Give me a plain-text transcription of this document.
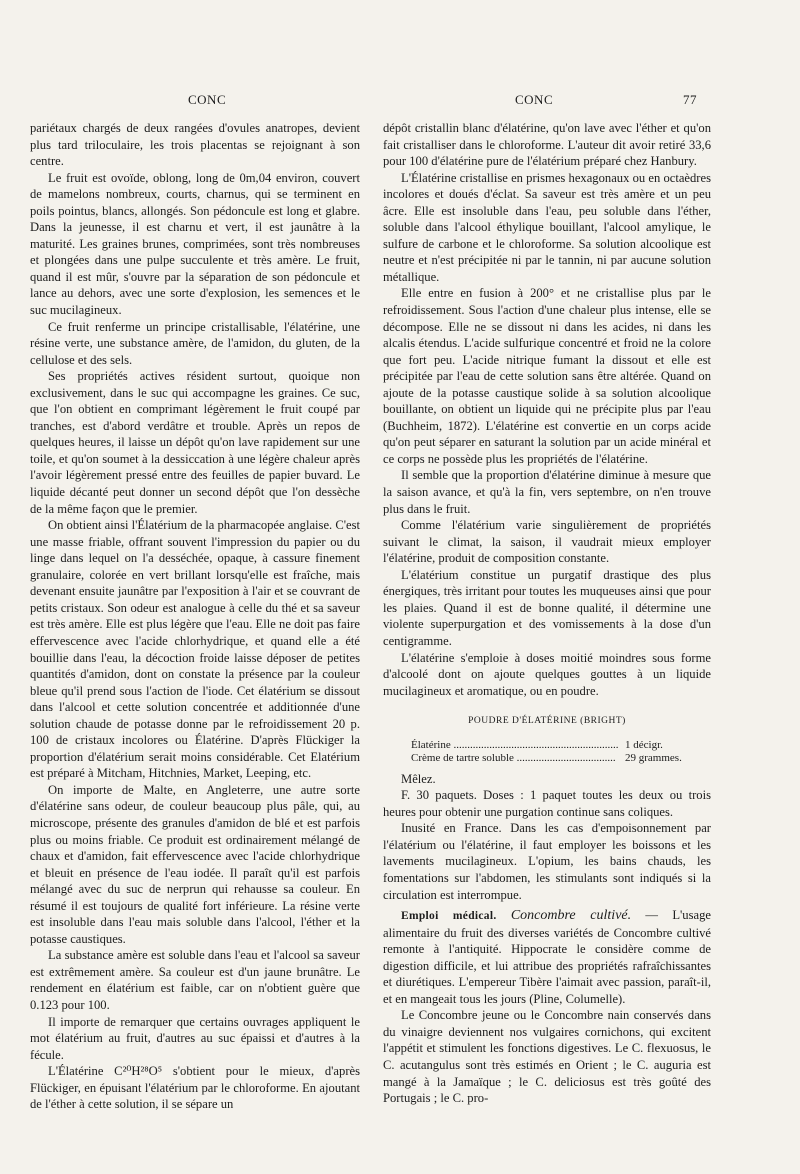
CONC	CONC	77

pariétaux chargés de deux rangées d'ovules anatropes, devient plus tard triloculaire, les trois placentas se rejoignant à son centre.

Le fruit est ovoïde, oblong, long de 0m,04 environ, couvert de mamelons nombreux, courts, charnus, qui se terminent en poils pointus, blancs, allongés. Son pédoncule est long et glabre. Dans la jeunesse, il est charnu et vert, il est jaunâtre à la maturité. Les graines brunes, comprimées, sont très nombreuses et plongées dans une pulpe succulente et très amère. Le fruit, quand il est mûr, s'ouvre par la séparation de son pédoncule et lance au dehors, avec une sorte d'explosion, les semences et le suc mucilagineux.

Ce fruit renferme un principe cristallisable, l'élatérine, une résine verte, une substance amère, de l'amidon, du gluten, de la cellulose et des sels.

Ses propriétés actives résident surtout, quoique non exclusivement, dans le suc qui accompagne les graines. Ce suc, que l'on obtient en comprimant légèrement le fruit coupé par tranches, est d'abord verdâtre et trouble. Après un repos de quelques heures, il laisse un dépôt qu'on lave rapidement sur une toile, et qu'on soumet à la dessiccation à une légère chaleur après l'avoir légèrement pressé entre des feuilles de papier buvard. Le liquide décanté peut donner un second dépôt que l'on dessèche de la même façon que le premier.

On obtient ainsi l'Élatérium de la pharmacopée anglaise. C'est une masse friable, offrant souvent l'impression du papier ou du linge dans lequel on l'a desséchée, opaque, à cassure finement granulaire, colorée en vert brillant lorsqu'elle est fraîche, mais devenant ensuite jaunâtre par l'exposition à l'air et se couvrant de petits cristaux. Son odeur est analogue à celle du thé et sa saveur est très amère. Elle est plus légère que l'eau. Elle ne doit pas faire effervescence avec l'acide chlorhydrique, et quand elle a été bouillie dans l'eau, la décoction froide laisse déposer de petites quantités d'amidon, dont on constate la présence par la couleur bleue qu'il prend sous l'action de l'iode. Cet élatérium se dissout dans l'alcool et cette solution concentrée et additionnée d'une solution chaude de potasse donne par le refroidissement 20 p. 100 de cristaux incolores ou Élatérine. D'après Flückiger la proportion d'élatérium serait moins considérable. Cet Elatérium est préparé à Mitcham, Hitchnies, Market, Leeping, etc.

On importe de Malte, en Angleterre, une autre sorte d'élatérine sans odeur, de couleur beaucoup plus pâle, qui, au microscope, présente des granules d'amidon de blé et est parfois plus ou moins friable. Ce produit est ordinairement mélangé de chaux et d'amidon, fait effervescence avec l'acide chlorhydrique et bleuit en présence de l'eau iodée. Il paraît qu'il est parfois mélangé avec du suc de nerprun qui rehausse sa couleur. En résumé il est toujours de qualité fort inférieure. La résine verte est insoluble dans l'eau mais soluble dans l'alcool, l'éther et la potasse caustiques.

La substance amère est soluble dans l'eau et l'alcool sa saveur est extrêmement amère. Sa couleur est d'un jaune brunâtre. Le rendement en élatérium est faible, car on n'obtient guère que 0.123 pour 100.

Il importe de remarquer que certains ouvrages appliquent le mot élatérium au fruit, d'autres au suc épaissi et d'autres à la fécule.

L'Élatérine C²⁰H²⁸O⁵ s'obtient pour le mieux, d'après Flückiger, en épuisant l'élatérium par le chloroforme. En ajoutant de l'éther à cette solution, il se sépare un

dépôt cristallin blanc d'élatérine, qu'on lave avec l'éther et qu'on fait cristalliser dans le chloroforme. L'auteur dit avoir retiré 33,6 pour 100 d'élatérine pure de l'élatérium préparé chez Hanbury.

L'Élatérine cristallise en prismes hexagonaux ou en octaèdres incolores et doués d'éclat. Sa saveur est très amère et un peu âcre. Elle est insoluble dans l'eau, peu soluble dans l'éther, soluble dans l'alcool éthylique bouillant, l'alcool amylique, le sulfure de carbone et le chloroforme. Sa solution alcoolique est neutre et n'est précipitée ni par le tannin, ni par aucune solution métallique.

Elle entre en fusion à 200° et ne cristallise plus par le refroidissement. Sous l'action d'une chaleur plus intense, elle se décompose. Elle ne se dissout ni dans les acides, ni dans les alcalis étendus. L'acide sulfurique concentré et froid ne la colore que fort peu. L'acide nitrique fumant la dissout et elle est précipitée par l'eau de cette solution sans être altérée. Quand on ajoute de la potasse caustique solide à sa solution alcoolique bouillante, on obtient un liquide qui ne précipite plus par l'eau (Buchheim, 1872). L'élatérine est convertie en un corps acide qu'on peut séparer en saturant la solution par un acide minéral et ce corps ne possède plus les propriétés de l'élatérine.

Il semble que la proportion d'élatérine diminue à mesure que la saison avance, et qu'à la fin, vers septembre, on n'en trouve plus dans le fruit.

Comme l'élatérium varie singulièrement de propriétés suivant le climat, la saison, il vaudrait mieux employer l'élatérine, produit de composition constante.

L'élatérium constitue un purgatif drastique des plus énergiques, très irritant pour toutes les muqueuses ainsi que pour les plaies. Quand il est de bonne qualité, il détermine une violente superpurgation et des vomissements à la dose d'un centigramme.

L'élatérine s'emploie à doses moitié moindres sous forme d'alcoolé dont on ajoute quelques gouttes à un liquide mucilagineux et aromatique, ou en poudre.

POUDRE D'ÉLATÉRINE (BRIGHT)
Élatérine ............................................................ 1 décigr.
Crème de tartre soluble .................................... 29 grammes.

Mêlez.

F. 30 paquets. Doses : 1 paquet toutes les deux ou trois heures pour obtenir une purgation continue sans coliques.

Inusité en France. Dans les cas d'empoisonnement par l'élatérium ou l'élatérine, il faut employer les boissons et les lavements mucilagineux. L'opium, les bains chauds, les fomentations sur l'abdomen, les stimulants sont indiqués si la circulation est interrompue.

Emploi médical. Concombre cultivé. — L'usage alimentaire du fruit des diverses variétés de Concombre cultivé remonte à l'antiquité. Hippocrate le considère comme de digestion difficile, et lui attribue des propriétés rafraîchissantes et diurétiques. L'empereur Tibère l'aimait avec passion, paraît-il, et en mangeait tous les jours (Pline, Columelle).

Le Concombre jeune ou le Concombre nain conservés dans du vinaigre deviennent nos vulgaires cornichons, qui excitent l'appétit et stimulent les fonctions digestives. Le C. flexuosus, le C. acutangulus sont très estimés en Orient ; le C. auguria est mangé à la Jamaïque ; le C. deliciosus est très goûté des Portugais ; le C. pro-
